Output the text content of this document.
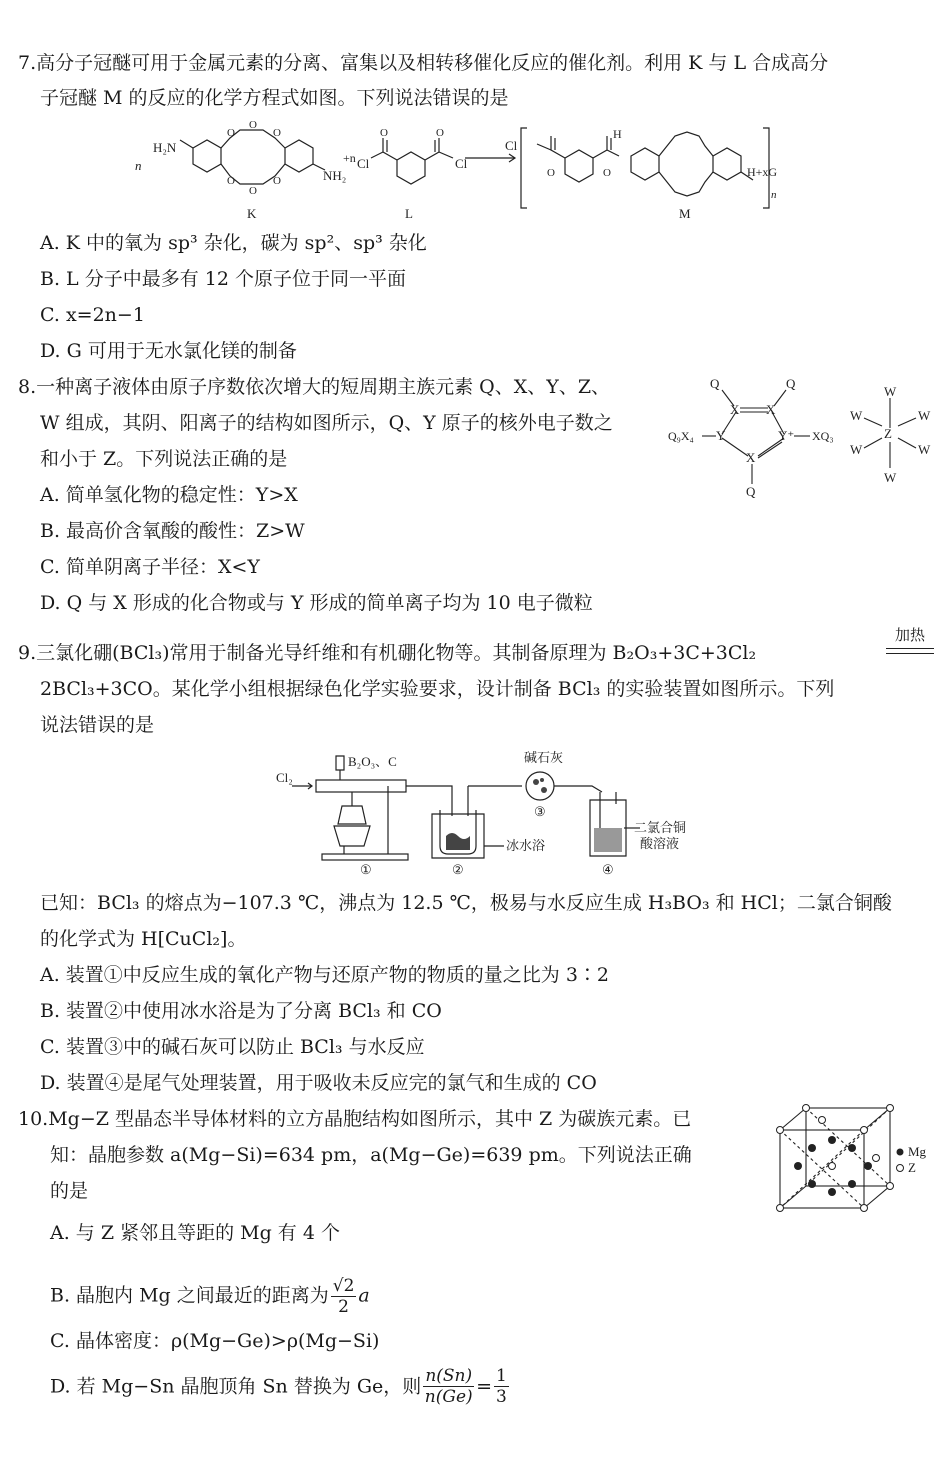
7.高分子冠醚可用于金属元素的分离、富集以及相转移催化反应的催化剂。利用 K 与 L 合成高分
子冠醚 M 的反应的化学方程式如图。下列说法错误的是
n
H₂N
O
O
O
O
O
O	NH₂
+n Cl	Cl
O	O
K	L
Cl
O	O
H
H+xG
n
M
A. K 中的氧为 sp³ 杂化，碳为 sp²、sp³ 杂化
B. L 分子中最多有 12 个原子位于同一平面
C. x=2n−1
D. G 可用于无水氯化镁的制备
8.一种离子液体由原子序数依次增大的短周期主族元素 Q、X、Y、Z、
W 组成，其阴、阳离子的结构如图所示，Q、Y 原子的核外电子数之
和小于 Z。下列说法正确的是
Q	Q
X X
Q₉X₄ Y	Y⁺ XQ₃
X
Q
Z
W
W
W	W
W	W
A. 简单氢化物的稳定性：Y>X
B. 最高价含氧酸的酸性：Z>W
C. 简单阴离子半径：X<Y
D. Q 与 X 形成的化合物或与 Y 形成的简单离子均为 10 电子微粒
9.三氯化硼(BCl₃)常用于制备光导纤维和有机硼化物等。其制备原理为 B₂O₃+3C+3Cl₂
加热
2BCl₃+3CO。某化学小组根据绿色化学实验要求，设计制备 BCl₃ 的实验装置如图所示。下列
说法错误的是
Cl₂
B₂O₃、C	碱石灰
冰水浴
二氯合铜
酸溶液
①	②
③
④
已知：BCl₃ 的熔点为−107.3 ℃，沸点为 12.5 ℃，极易与水反应生成 H₃BO₃ 和 HCl；二氯合铜酸
的化学式为 H[CuCl₂]。
A. 装置①中反应生成的氧化产物与还原产物的物质的量之比为 3∶2
B. 装置②中使用冰水浴是为了分离 BCl₃ 和 CO
C. 装置③中的碱石灰可以防止 BCl₃ 与水反应
D. 装置④是尾气处理装置，用于吸收未反应完的氯气和生成的 CO
10.Mg−Z 型晶态半导体材料的立方晶胞结构如图所示，其中 Z 为碳族元素。已
知：晶胞参数 a(Mg−Si)=634 pm，a(Mg−Ge)=639 pm。下列说法正确
的是
Mg
Z
A. 与 Z 紧邻且等距的 Mg 有 4 个
B. 晶胞内 Mg 之间最近的距离为 $\frac{√2}{2}$ a
C. 晶体密度：ρ(Mg−Ge)>ρ(Mg−Si)
D. 若 Mg−Sn 晶胞顶角 Sn 替换为 Ge，则 $\frac{n(Sn)}{n(Ge)} = \frac{1}{3}$
